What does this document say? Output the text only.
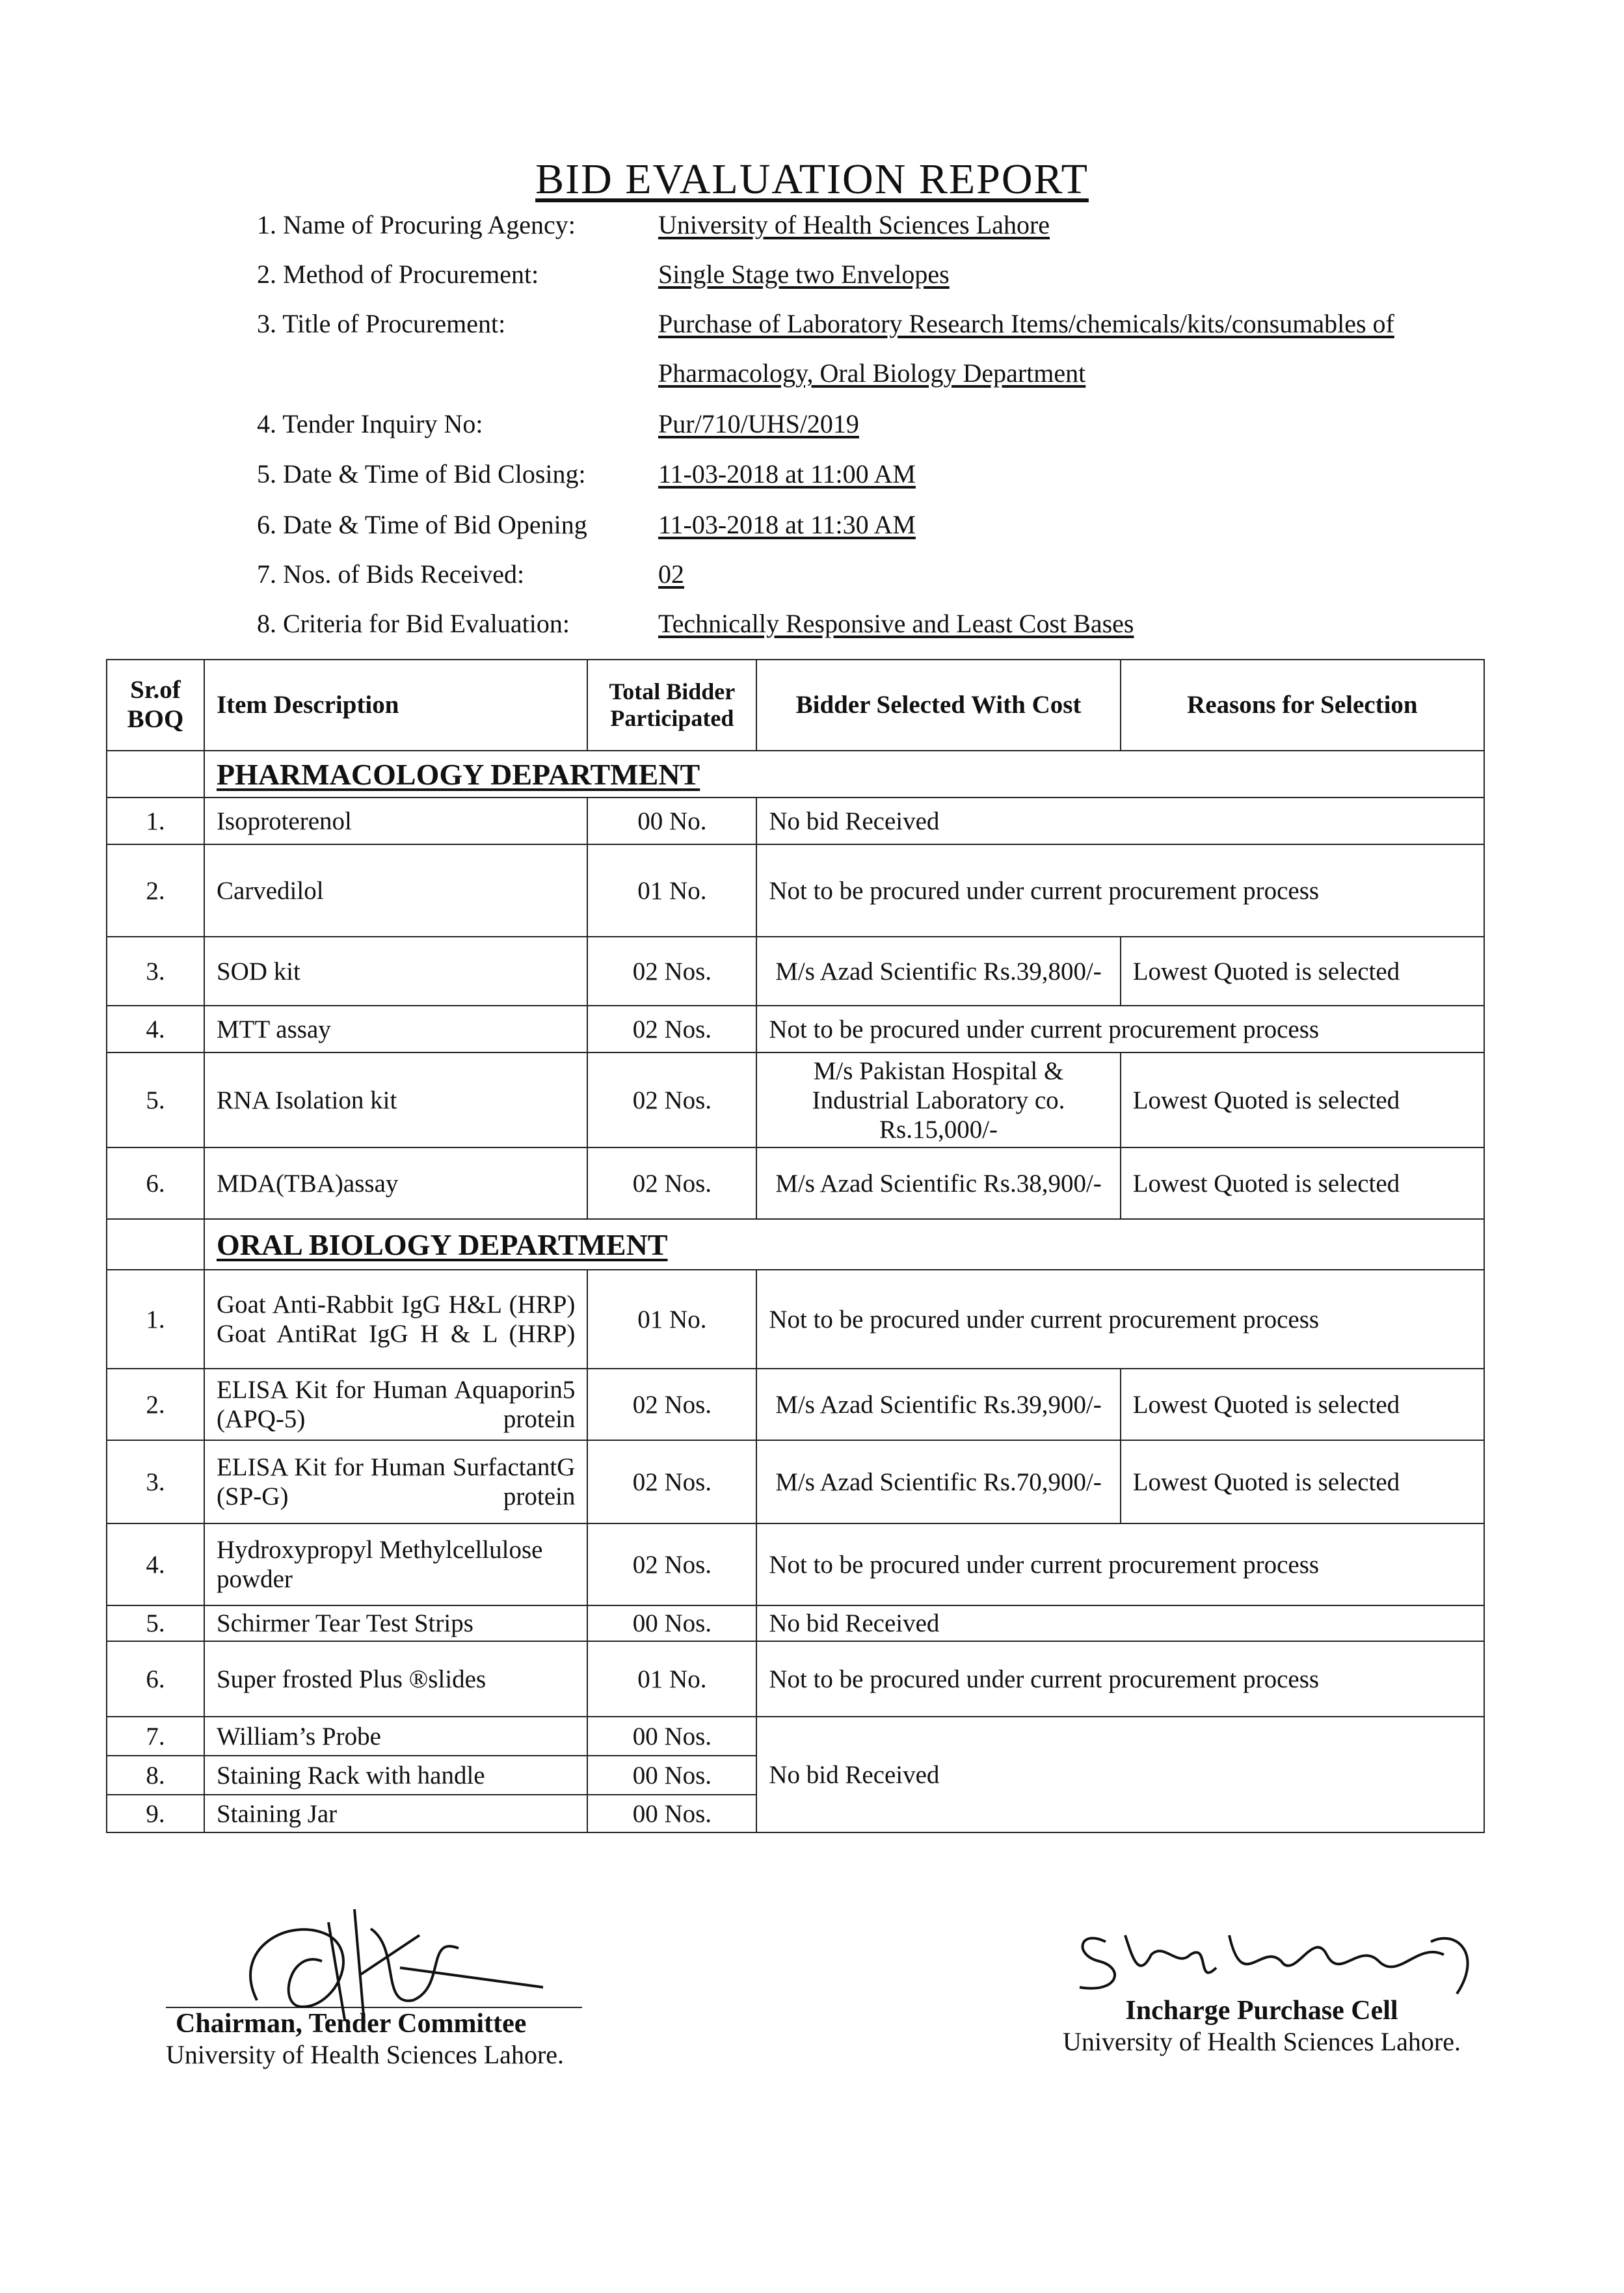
BID EVALUATION REPORT
1. Name of Procuring Agency:	University of Health Sciences Lahore
2. Method of Procurement:	Single Stage two Envelopes
3. Title of Procurement:	Purchase of Laboratory Research Items/chemicals/kits/consumables of
Pharmacology, Oral Biology Department
4. Tender Inquiry No:	Pur/710/UHS/2019
5. Date & Time of Bid Closing:	11-03-2018 at 11:00 AM
6. Date & Time of Bid Opening	11-03-2018 at 11:30 AM
7. Nos. of Bids Received:	02
8. Criteria for Bid Evaluation:	Technically Responsive and Least Cost Bases
Sr.of BOQ	Item Description	Total Bidder Participated	Bidder Selected With Cost	Reasons for Selection
	PHARMACOLOGY DEPARTMENT			
1.	Isoproterenol	00 No.	No bid Received	
2.	Carvedilol	01 No.	Not to be procured under current procurement process	
3.	SOD kit	02 Nos.	M/s Azad Scientific Rs.39,800/-	Lowest Quoted is selected
4.	MTT assay	02 Nos.	Not to be procured under current procurement process	
5.	RNA Isolation kit	02 Nos.	M/s Pakistan Hospital & Industrial Laboratory co. Rs.15,000/-	Lowest Quoted is selected
6.	MDA(TBA)assay	02 Nos.	M/s Azad Scientific Rs.38,900/-	Lowest Quoted is selected
	ORAL BIOLOGY DEPARTMENT			
1.	Goat Anti-Rabbit IgG H&L (HRP) Goat AntiRat IgG H & L (HRP)	01 No.	Not to be procured under current procurement process	
2.	ELISA Kit for Human Aquaporin5 (APQ-5) protein	02 Nos.	M/s Azad Scientific Rs.39,900/-	Lowest Quoted is selected
3.	ELISA Kit for Human SurfactantG (SP-G) protein	02 Nos.	M/s Azad Scientific Rs.70,900/-	Lowest Quoted is selected
4.	Hydroxypropyl Methylcellulose powder	02 Nos.	Not to be procured under current procurement process	
5.	Schirmer Tear Test Strips	00 Nos.	No bid Received	
6.	Super frosted Plus ®slides	01 No.	Not to be procured under current procurement process	
7.	William’s Probe	00 Nos.	No bid Received	
8.	Staining Rack with handle	00 Nos.		
9.	Staining Jar	00 Nos.		
Chairman, Tender Committee
University of Health Sciences Lahore.
Incharge Purchase Cell
University of Health Sciences Lahore.
